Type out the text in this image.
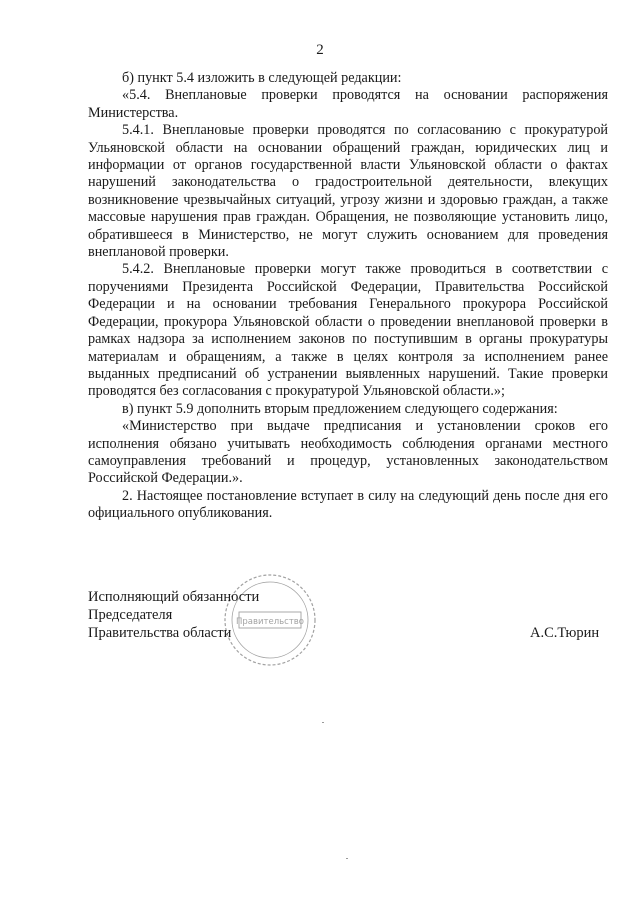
2

б) пункт 5.4 изложить в следующей редакции:

«5.4. Внеплановые проверки проводятся на основании распоряжения Министерства.

5.4.1. Внеплановые проверки проводятся по согласованию с прокуратурой Ульяновской области на основании обращений граждан, юридических лиц и информации от органов государственной власти Ульяновской области о фактах нарушений законодательства о градостроительной деятельности, влекущих возникновение чрезвычайных ситуаций, угрозу жизни и здоровью граждан, а также массовые нарушения прав граждан. Обращения, не позволяющие установить лицо, обратившееся в Министерство, не могут служить основанием для проведения внеплановой проверки.

5.4.2. Внеплановые проверки могут также проводиться в соответствии с поручениями Президента Российской Федерации, Правительства Российской Федерации и на основании требования Генерального прокурора Российской Федерации, прокурора Ульяновской области о проведении внеплановой проверки в рамках надзора за исполнением законов по поступившим в органы прокуратуры материалам и обращениям, а также в целях контроля за исполнением ранее выданных предписаний об устранении выявленных нарушений. Такие проверки проводятся без согласования с прокуратурой Ульяновской области.»;

в) пункт 5.9 дополнить вторым предложением следующего содержания:

«Министерство при выдаче предписания и установлении сроков его исполнения обязано учитывать необходимость соблюдения органами местного самоуправления требований и процедур, установленных законодательством Российской Федерации.».

2. Настоящее постановление вступает в силу на следующий день после дня его официального опубликования.

Правительство
Исполняющий обязанности
Председателя
Правительства области	А.С.Тюрин
